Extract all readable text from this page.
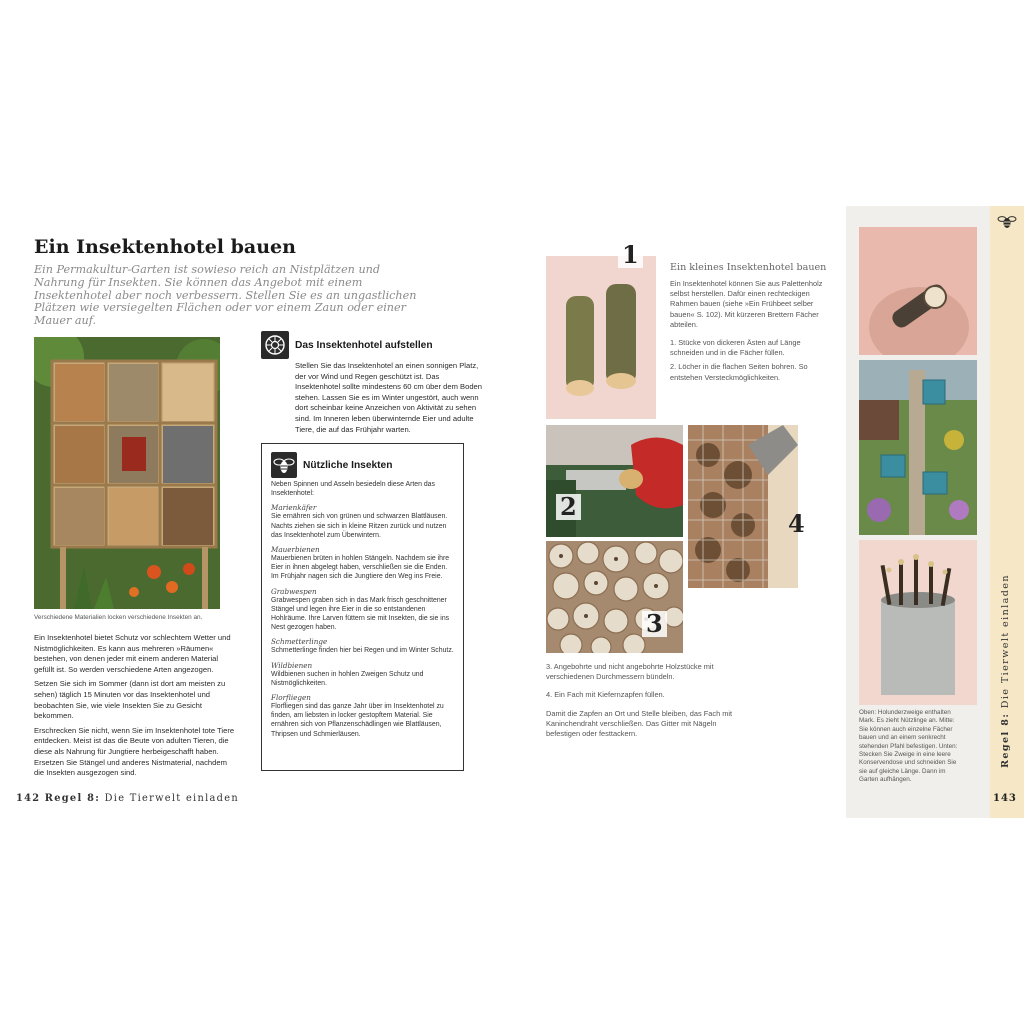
Ein Insektenhotel bauen

Ein Permakultur-Garten ist sowieso reich an Nistplätzen und Nahrung für Insekten. Sie können das Angebot mit einem Insektenhotel aber noch verbessern. Stellen Sie es an ungastlichen Plätzen wie versiegelten Flächen oder vor einem Zaun oder einer Mauer auf.

Verschiedene Materialien locken verschiedene Insekten an.

Ein Insektenhotel bietet Schutz vor schlechtem Wetter und Nistmöglichkeiten. Es kann aus mehreren »Räumen« bestehen, von denen jeder mit einem anderen Material gefüllt ist. So werden verschiedene Arten angezogen.

Setzen Sie sich im Sommer (dann ist dort am meisten zu sehen) täglich 15 Minuten vor das Insektenhotel und beobachten Sie, wie viele Insekten Sie zu Gesicht bekommen.

Erschrecken Sie nicht, wenn Sie im Insektenhotel tote Tiere entdecken. Meist ist das die Beute von adulten Tieren, die diese als Nahrung für Jungtiere herbeigeschafft haben. Ersetzen Sie Stängel und anderes Nistmaterial, nachdem die Insekten ausgezogen sind.

Das Insektenhotel aufstellen

Stellen Sie das Insektenhotel an einen sonnigen Platz, der vor Wind und Regen geschützt ist. Das Insektenhotel sollte mindestens 60 cm über dem Boden stehen. Lassen Sie es im Winter ungestört, auch wenn dort scheinbar keine Anzeichen von Aktivität zu sehen sind. Im Inneren leben überwinternde Eier und adulte Tiere, die auf das Frühjahr warten.

Nützliche Insekten

Neben Spinnen und Asseln besiedeln diese Arten das Insektenhotel:

Marienkäfer

Sie ernähren sich von grünen und schwarzen Blattläusen. Nachts ziehen sie sich in kleine Ritzen zurück und nutzen das Insektenhotel zum Überwintern.

Mauerbienen

Mauerbienen brüten in hohlen Stängeln. Nachdem sie ihre Eier in ihnen abgelegt haben, verschließen sie die Enden. Im Frühjahr nagen sich die Jungtiere den Weg ins Freie.

Grabwespen

Grabwespen graben sich in das Mark frisch geschnittener Stängel und legen ihre Eier in die so entstandenen Hohlräume. Ihre Larven füttern sie mit Insekten, die sie ins Nest gezogen haben.

Schmetterlinge

Schmetterlinge finden hier bei Regen und im Winter Schutz.

Wildbienen

Wildbienen suchen in hohlen Zweigen Schutz und Nistmöglichkeiten.

Florfliegen

Florfliegen sind das ganze Jahr über im Insektenhotel zu finden, am liebsten in locker gestopftem Material. Sie ernähren sich von Pflanzenschädlingen wie Blattläusen, Thripsen und Schmierläusen.

142 Regel 8: Die Tierwelt einladen
1	Ein kleines Insektenhotel bauen

Ein Insektenhotel können Sie aus Palettenholz selbst herstellen. Dafür einen rechteckigen Rahmen bauen (siehe »Ein Frühbeet selber bauen« S. 102). Mit kürzeren Brettern Fächer abteilen.

1. Stücke von dickeren Ästen auf Länge schneiden und in die Fächer füllen.

2. Löcher in die flachen Seiten bohren. So entstehen Versteckmöglichkeiten.

2
4
3

3. Angebohrte und nicht angebohrte Holzstücke mit verschiedenen Durchmessern bündeln.

4. Ein Fach mit Kiefernzapfen füllen.

Damit die Zapfen an Ort und Stelle bleiben, das Fach mit Kaninchendraht verschließen. Das Gitter mit Nägeln befestigen oder festtackern.

Oben: Holunderzweige enthalten Mark. Es zieht Nützlinge an. Mitte: Sie können auch einzelne Fächer bauen und an einem senkrecht stehenden Pfahl befestigen. Unten: Stecken Sie Zweige in eine leere Konservendose und schneiden Sie sie auf gleiche Länge. Dann im Garten aufhängen.
Regel 8: Die Tierwelt einladen
143
